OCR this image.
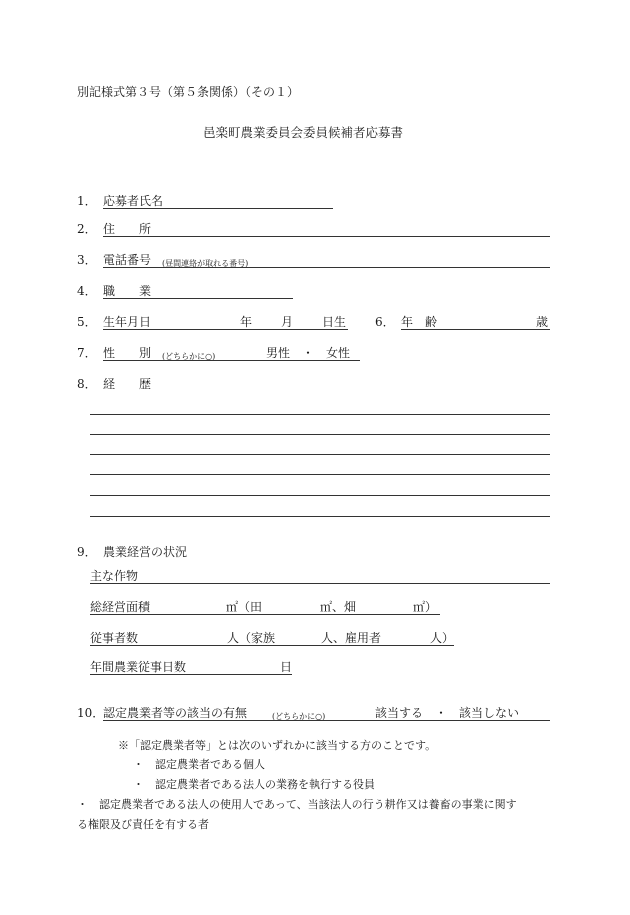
別記様式第３号（第５条関係）（その１）
邑楽町農業委員会委員候補者応募書
1． 応募者氏名
2． 住　　所
3． 電話番号 (昼間連絡が取れる番号)
4． 職　　業
5． 生年月日	年 月 日生 6． 年　齢	歳
7． 性　　別 (どちらかに○)	男性　・　女性
8． 経　　歴
9． 農業経営の状況
主な作物
総経営面積	㎡（田	㎡、畑	㎡）
従事者数	人（家族	人、雇用者	人）
年間農業従事日数	日
10．
認定農業者等の該当の有無	(どちらかに○)	該当する　・　該当しない
※「認定農業者等」とは次のいずれかに該当する方のことです。
・ 認定農業者である個人
・ 認定農業者である法人の業務を執行する役員
・　認定農業者である法人の使用人であって、当該法人の行う耕作又は養畜の事業に関す
る権限及び責任を有する者
